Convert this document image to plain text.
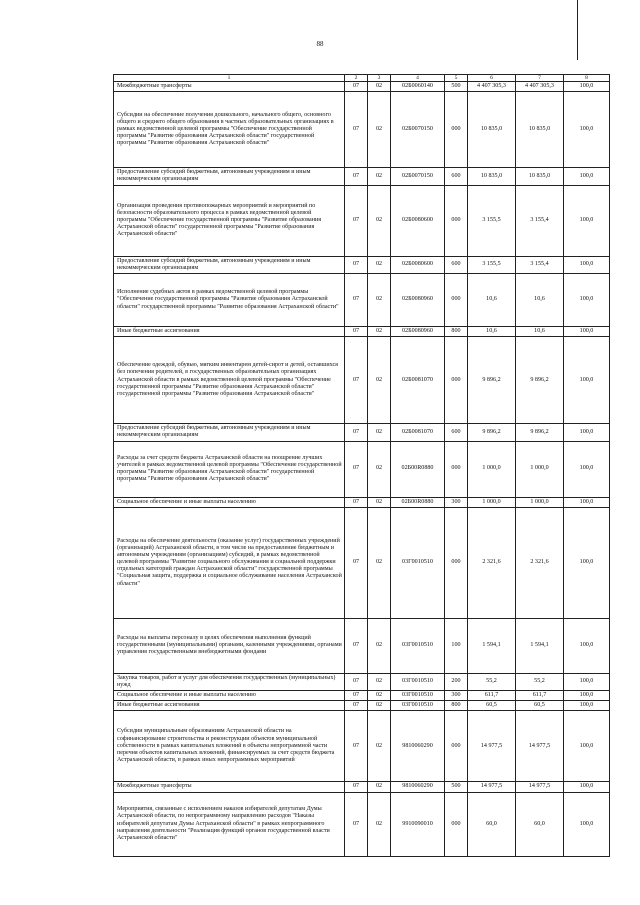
88
1	2	3	4	5	6	7	8
Межбюджетные трансферты	07	02	02Б0060140	500	4 407 305,3	4 407 305,3	100,0
Субсидии на обеспечение получения дошкольного, начального общего, основного общего и среднего общего образования в частных образовательных организациях в рамках ведомственной целевой программы "Обеспечение государственной программы "Развитие образования Астраханской области" государственной программы "Развитие образования Астраханской области"	07	02	02Б0070150	000	10 835,0	10 835,0	100,0
Предоставление субсидий бюджетным, автономным учреждениям и иным некоммерческим организациям	07	02	02Б0070150	600	10 835,0	10 835,0	100,0
Организация проведения противопожарных мероприятий и мероприятий по безопасности образовательного процесса в рамках ведомственной целевой программы "Обеспечение государственной программы "Развитие образования Астраханской области" государственной программы "Развитие образования Астраханской области"	07	02	02Б0080600	000	3 155,5	3 155,4	100,0
Предоставление субсидий бюджетным, автономным учреждениям и иным некоммерческим организациям	07	02	02Б0080600	600	3 155,5	3 155,4	100,0
Исполнение судебных актов в рамках ведомственной целевой программы "Обеспечение государственной программы "Развитие образования Астраханской области" государственной программы "Развитие образования Астраханской области"	07	02	02Б0080960	000	10,6	10,6	100,0
Иные бюджетные ассигнования	07	02	02Б0080960	800	10,6	10,6	100,0
Обеспечение одеждой, обувью, мягким инвентарем детей-сирот и детей, оставшихся без попечения родителей, в государственных образовательных организациях Астраханской области в рамках ведомственной целевой программы "Обеспечение государственной программы "Развитие образования Астраханской области" государственной программы "Развитие образования Астраханской области"	07	02	02Б0081070	000	9 896,2	9 896,2	100,0
Предоставление субсидий бюджетным, автономным учреждениям и иным некоммерческим организациям	07	02	02Б0081070	600	9 896,2	9 896,2	100,0
Расходы за счет средств бюджета Астраханской области на поощрение лучших учителей в рамках ведомственной целевой программы "Обеспечение государственной программы "Развитие образования Астраханской области" государственной программы "Развитие образования Астраханской области"	07	02	02Б00R0880	000	1 000,0	1 000,0	100,0
Социальное обеспечение и иные выплаты населению	07	02	02Б00R0880	300	1 000,0	1 000,0	100,0
Расходы на обеспечение деятельности (оказание услуг) государственных учреждений (организаций) Астраханской области, в том числе на предоставление бюджетным и автономным учреждениям (организациям) субсидий, в рамках ведомственной целевой программы "Развитие социального обслуживания и социальной поддержки отдельных категорий граждан Астраханской области" государственной программы "Социальная защита, поддержка и социальное обслуживание населения Астраханской области"	07	02	03Г0010510	000	2 321,6	2 321,6	100,0
Расходы на выплаты персоналу в целях обеспечения выполнения функций государственными (муниципальными) органами, казенными учреждениями, органами управления государственными внебюджетными фондами	07	02	03Г0010510	100	1 594,1	1 594,1	100,0
Закупка товаров, работ и услуг для обеспечения государственных (муниципальных) нужд	07	02	03Г0010510	200	55,2	55,2	100,0
Социальное обеспечение и иные выплаты населению	07	02	03Г0010510	300	611,7	611,7	100,0
Иные бюджетные ассигнования	07	02	03Г0010510	800	60,5	60,5	100,0
Субсидии муниципальным образованиям Астраханской области на софинансирование строительства и реконструкции объектов муниципальной собственности в рамках капитальных вложений в объекты непрограммной части перечня объектов капитальных вложений, финансируемых за счет средств бюджета Астраханской области, в рамках иных непрограммных мероприятий	07	02	9810060290	000	14 977,5	14 977,5	100,0
Межбюджетные трансферты	07	02	9810060290	500	14 977,5	14 977,5	100,0
Мероприятия, связанные с исполнением наказов избирателей депутатам Думы Астраханской области, по непрограммному направлению расходов "Наказы избирателей депутатам Думы Астраханской области" в рамках непрограммного направления деятельности "Реализация функций органов государственной власти Астраханской области"	07	02	9910090010	000	60,0	60,0	100,0
